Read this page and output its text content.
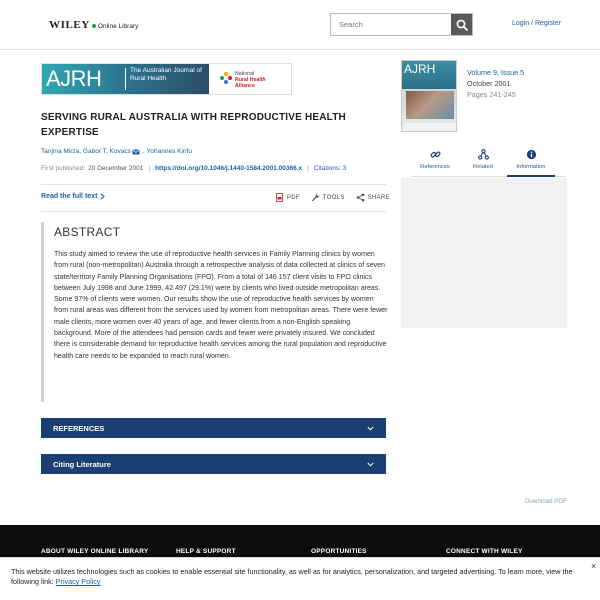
WILEY Online Library
Search	Login / Register
AJRH	The Australian Journal of Rural Health
National
Rural Health
Alliance
SERVING RURAL AUSTRALIA WITH REPRODUCTIVE HEALTH EXPERTISE
Tanjina Mirza,
Gabor T. Kovacs , Yohannes Kinfu
First published: 20 December 2001 | https://doi.org/10.1046/j.1440-1584.2001.00366.x | Citations: 3
Read the full text	PDF	TOOLS	SHARE
ABSTRACT

This study aimed to review the use of reproductive health services in Family Planning clinics by women from rural (non-metropolitan) Australia through a retrospective analysis of data collected at clinics of seven state/territory Family Planning Organisations (FPO). From a total of 146 157 client visits to FPO clinics between July 1998 and June 1999, 42 497 (29.1%) were by clients who lived outside metropolitan areas. Some 97% of clients were women. Our results show the use of reproductive health services by women from rural areas was different from the services used by women from metropolitan areas. There were fewer male clients, more women over 40 years of age, and fewer clients from a non-English speaking background. More of the attendees had pension cards and fewer were privately insured. We concluded there is considerable demand for reproductive health services among the rural population and reproductive health care needs to be expanded to reach rural women.

REFERENCES
Citing Literature
Download PDF
AJRH	Volume 9, Issue 5
October 2001
Pages 241-245
References	Related	Information
ABOUT WILEY ONLINE LIBRARY	HELP & SUPPORT	OPPORTUNITIES	CONNECT WITH WILEY
This website utilizes technologies such as cookies to enable essential site functionality, as well as for analytics, personalization, and targeted advertising. To learn more, view the following link: Privacy Policy
×
